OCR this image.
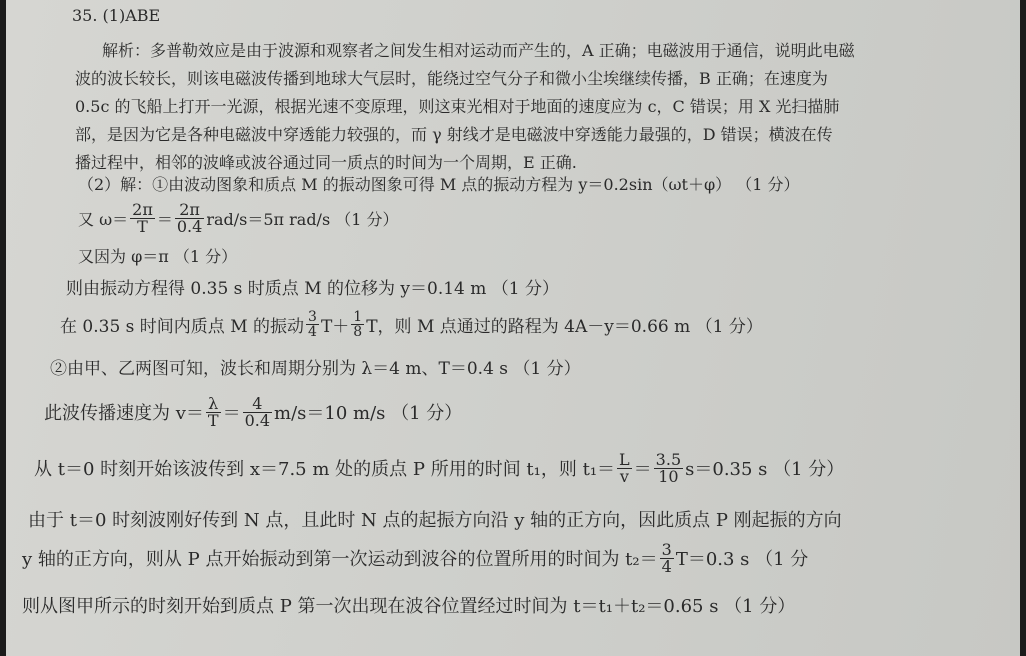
35. (1)ABE
解析：多普勒效应是由于波源和观察者之间发生相对运动而产生的，A 正确；电磁波用于通信，说明此电磁
波的波长较长，则该电磁波传播到地球大气层时，能绕过空气分子和微小尘埃继续传播，B 正确；在速度为
0.5c 的飞船上打开一光源，根据光速不变原理，则这束光相对于地面的速度应为 c，C 错误；用 X 光扫描肺
部，是因为它是各种电磁波中穿透能力较强的，而 γ 射线才是电磁波中穿透能力最强的，D 错误；横波在传
播过程中，相邻的波峰或波谷通过同一质点的时间为一个周期，E 正确.
（2）解：①由波动图象和质点 M 的振动图象可得 M 点的振动方程为 y＝0.2sin（ωt＋φ） （1 分）
又 $\omega= \frac{2\pi}{T} = \frac{2\pi}{0.4} rad/s=5\pi$ rad/s （1 分）
又因为 φ＝π （1 分）
则由振动方程得 0.35 s 时质点 M 的位移为 y＝0.14 m （1 分）
在 0.35 s 时间内质点 M 的振动 $\frac{3}{4} T+ \frac{1}{8}$ T，则 M 点通过的路程为 4A－y＝0.66 m （1 分）
②由甲、乙两图可知，波长和周期分别为 λ＝4 m、T＝0.4 s （1 分）
此波传播速度为 $v= \frac{\lambda}{T} = \frac{4}{0.4} m/s=10$ m/s （1 分）
从 t＝0 时刻开始该波传到 x＝7.5 m 处的质点 P 所用的时间 t₁，则 $t_1= \frac{L}{v} = \frac{3.5}{10} s=0.35$ s （1 分）
由于 t＝0 时刻波刚好传到 N 点，且此时 N 点的起振方向沿 y 轴的正方向，因此质点 P 刚起振的方向
y 轴的正方向，则从 P 点开始振动到第一次运动到波谷的位置所用的时间为 $t_2= \frac{3}{4} T=0.3$ s （1 分
则从图甲所示的时刻开始到质点 P 第一次出现在波谷位置经过时间为 t＝t₁＋t₂＝0.65 s （1 分）
